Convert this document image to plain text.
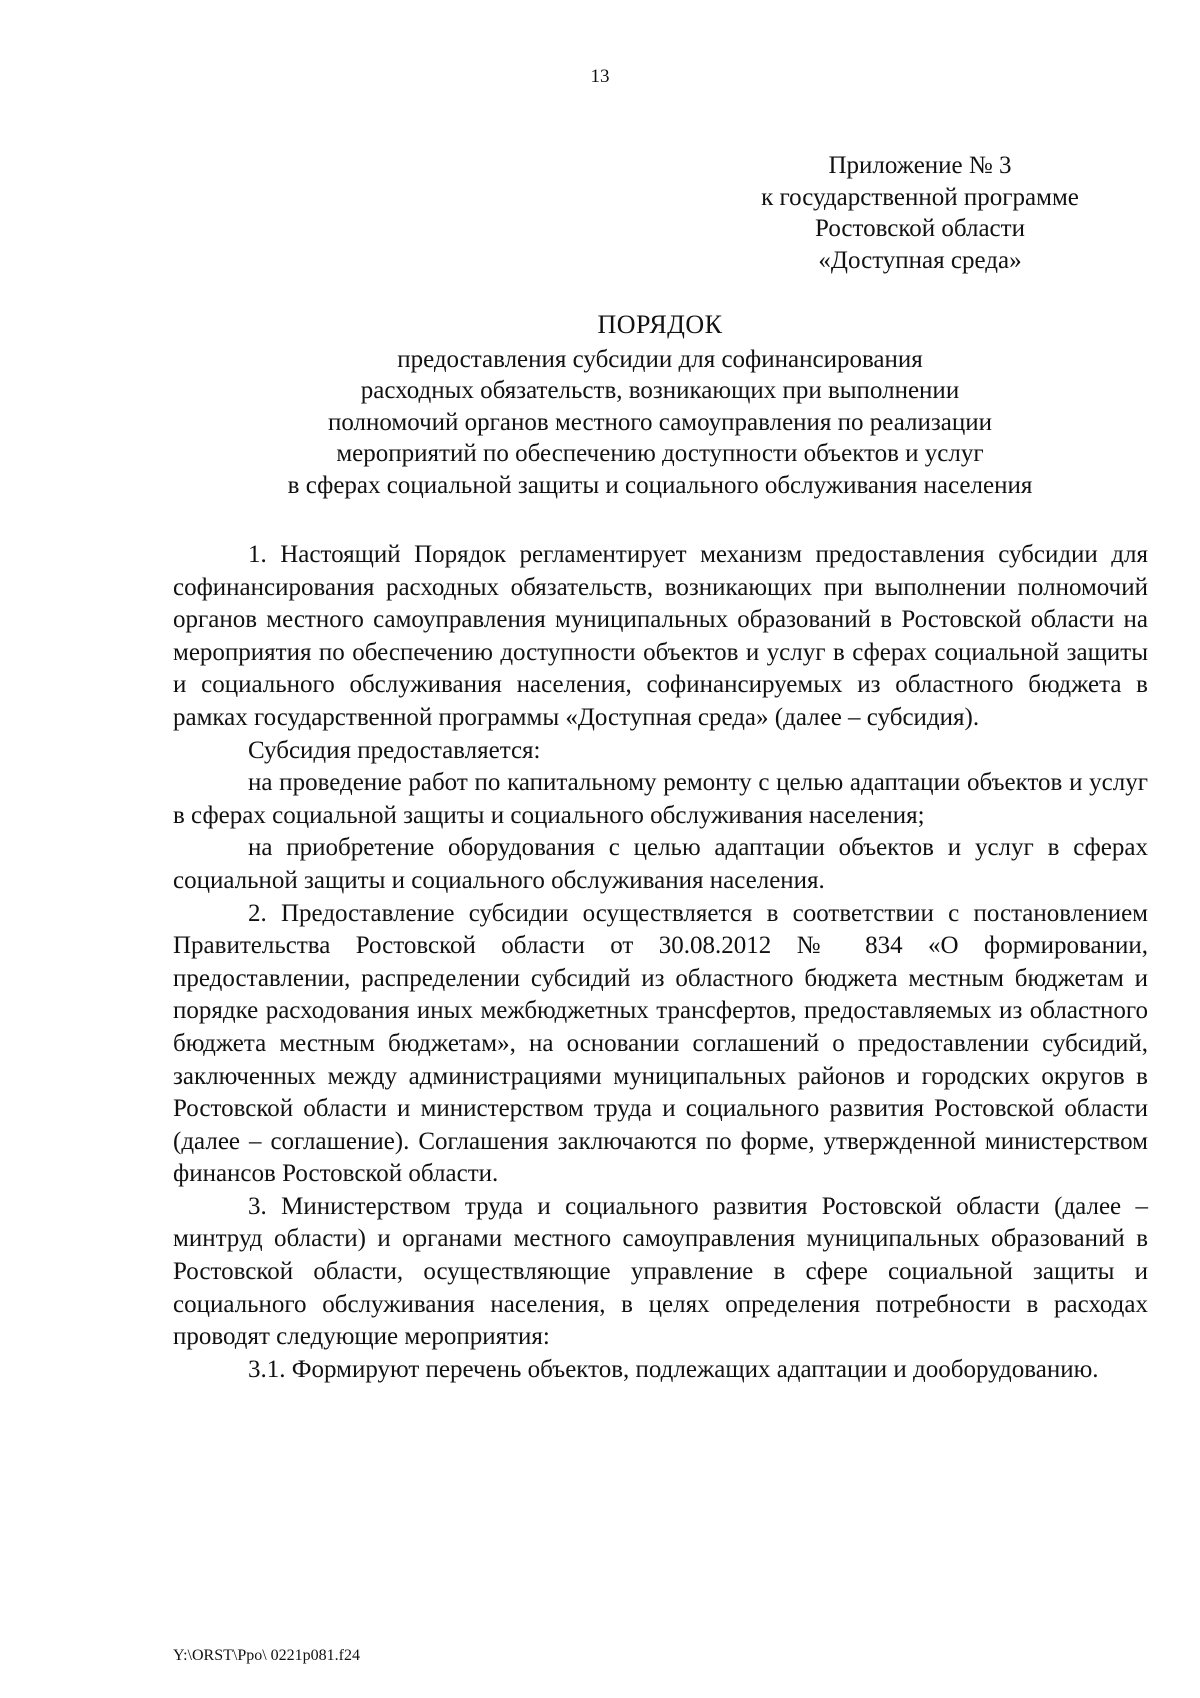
13
Приложение № 3
к государственной программе
Ростовской области
«Доступная среда»
ПОРЯДОК
предоставления субсидии для софинансирования
расходных обязательств, возникающих при выполнении
полномочий органов местного самоуправления по реализации
мероприятий по обеспечению доступности объектов и услуг
в сферах социальной защиты и социального обслуживания населения

1. Настоящий Порядок регламентирует механизм предоставления субсидии для софинансирования расходных обязательств, возникающих при выполнении полномочий органов местного самоуправления муниципальных образований в Ростовской области на мероприятия по обеспечению доступности объектов и услуг в сферах социальной защиты и социального обслуживания населения, софинансируемых из областного бюджета в рамках государственной программы «Доступная среда» (далее – субсидия).

Субсидия предоставляется:

на проведение работ по капитальному ремонту с целью адаптации объектов и услуг в сферах социальной защиты и социального обслуживания населения;

на приобретение оборудования с целью адаптации объектов и услуг в сферах социальной защиты и социального обслуживания населения.

2. Предоставление субсидии осуществляется в соответствии с постановлением Правительства Ростовской области от 30.08.2012 № 834 «О формировании, предоставлении, распределении субсидий из областного бюджета местным бюджетам и порядке расходования иных межбюджетных трансфертов, предоставляемых из областного бюджета местным бюджетам», на основании соглашений о предоставлении субсидий, заключенных между администрациями муниципальных районов и городских округов в Ростовской области и министерством труда и социального развития Ростовской области (далее – соглашение). Соглашения заключаются по форме, утвержденной министерством финансов Ростовской области.

3. Министерством труда и социального развития Ростовской области (далее – минтруд области) и органами местного самоуправления муниципальных образований в Ростовской области, осуществляющие управление в сфере социальной защиты и социального обслуживания населения, в целях определения потребности в расходах проводят следующие мероприятия:

3.1. Формируют перечень объектов, подлежащих адаптации и дооборудованию.

Y:\ORST\Ppo\ 0221p081.f24
